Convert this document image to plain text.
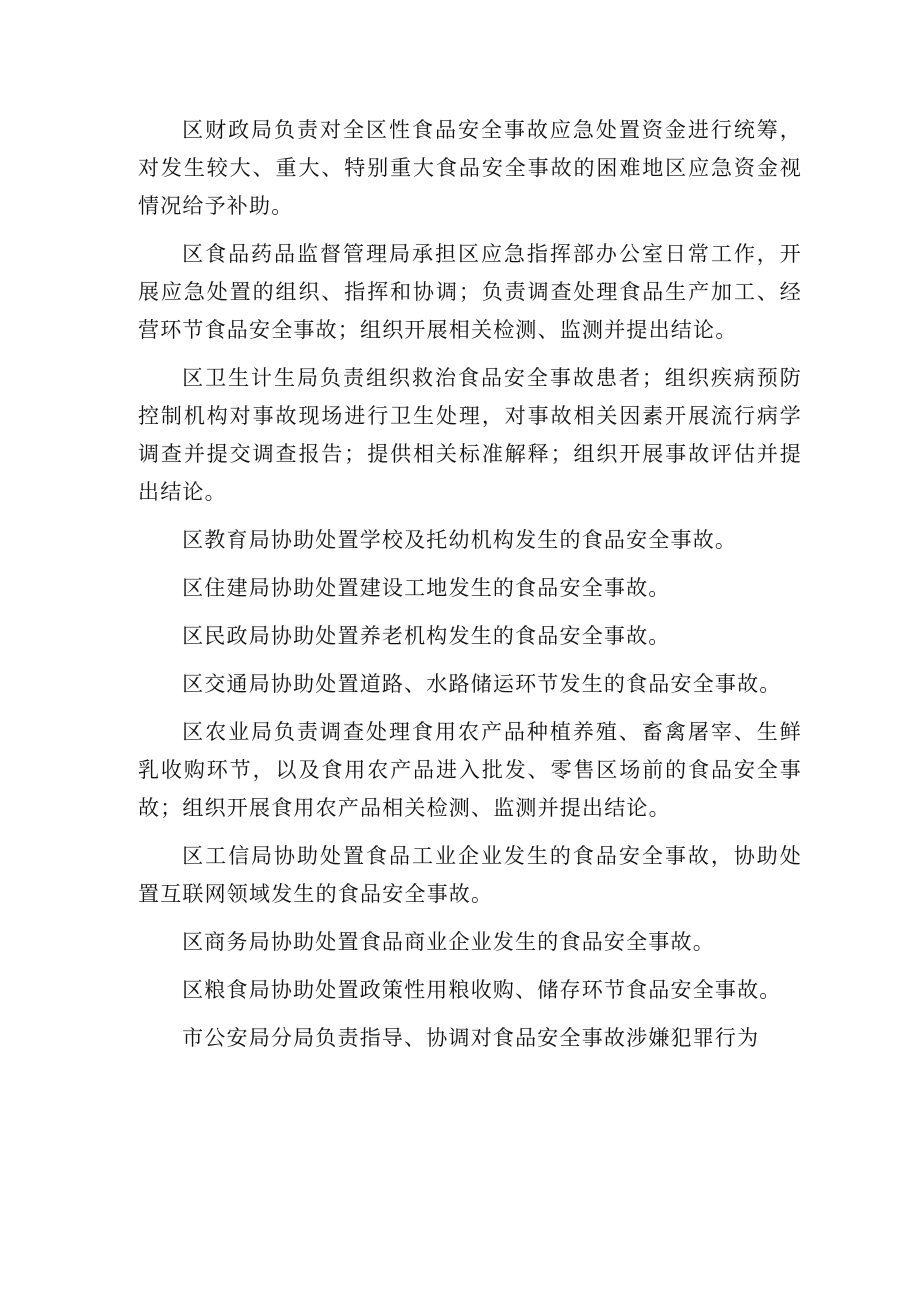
区财政局负责对全区性食品安全事故应急处置资金进行统筹，对发生较大、重大、特别重大食品安全事故的困难地区应急资金视情况给予补助。

区食品药品监督管理局承担区应急指挥部办公室日常工作，开展应急处置的组织、指挥和协调；负责调查处理食品生产加工、经营环节食品安全事故；组织开展相关检测、监测并提出结论。

区卫生计生局负责组织救治食品安全事故患者；组织疾病预防控制机构对事故现场进行卫生处理，对事故相关因素开展流行病学调查并提交调查报告；提供相关标准解释；组织开展事故评估并提出结论。

区教育局协助处置学校及托幼机构发生的食品安全事故。

区住建局协助处置建设工地发生的食品安全事故。

区民政局协助处置养老机构发生的食品安全事故。

区交通局协助处置道路、水路储运环节发生的食品安全事故。

区农业局负责调查处理食用农产品种植养殖、畜禽屠宰、生鲜乳收购环节，以及食用农产品进入批发、零售区场前的食品安全事故；组织开展食用农产品相关检测、监测并提出结论。

区工信局协助处置食品工业企业发生的食品安全事故，协助处置互联网领域发生的食品安全事故。

区商务局协助处置食品商业企业发生的食品安全事故。

区粮食局协助处置政策性用粮收购、储存环节食品安全事故。

市公安局分局负责指导、协调对食品安全事故涉嫌犯罪行为
